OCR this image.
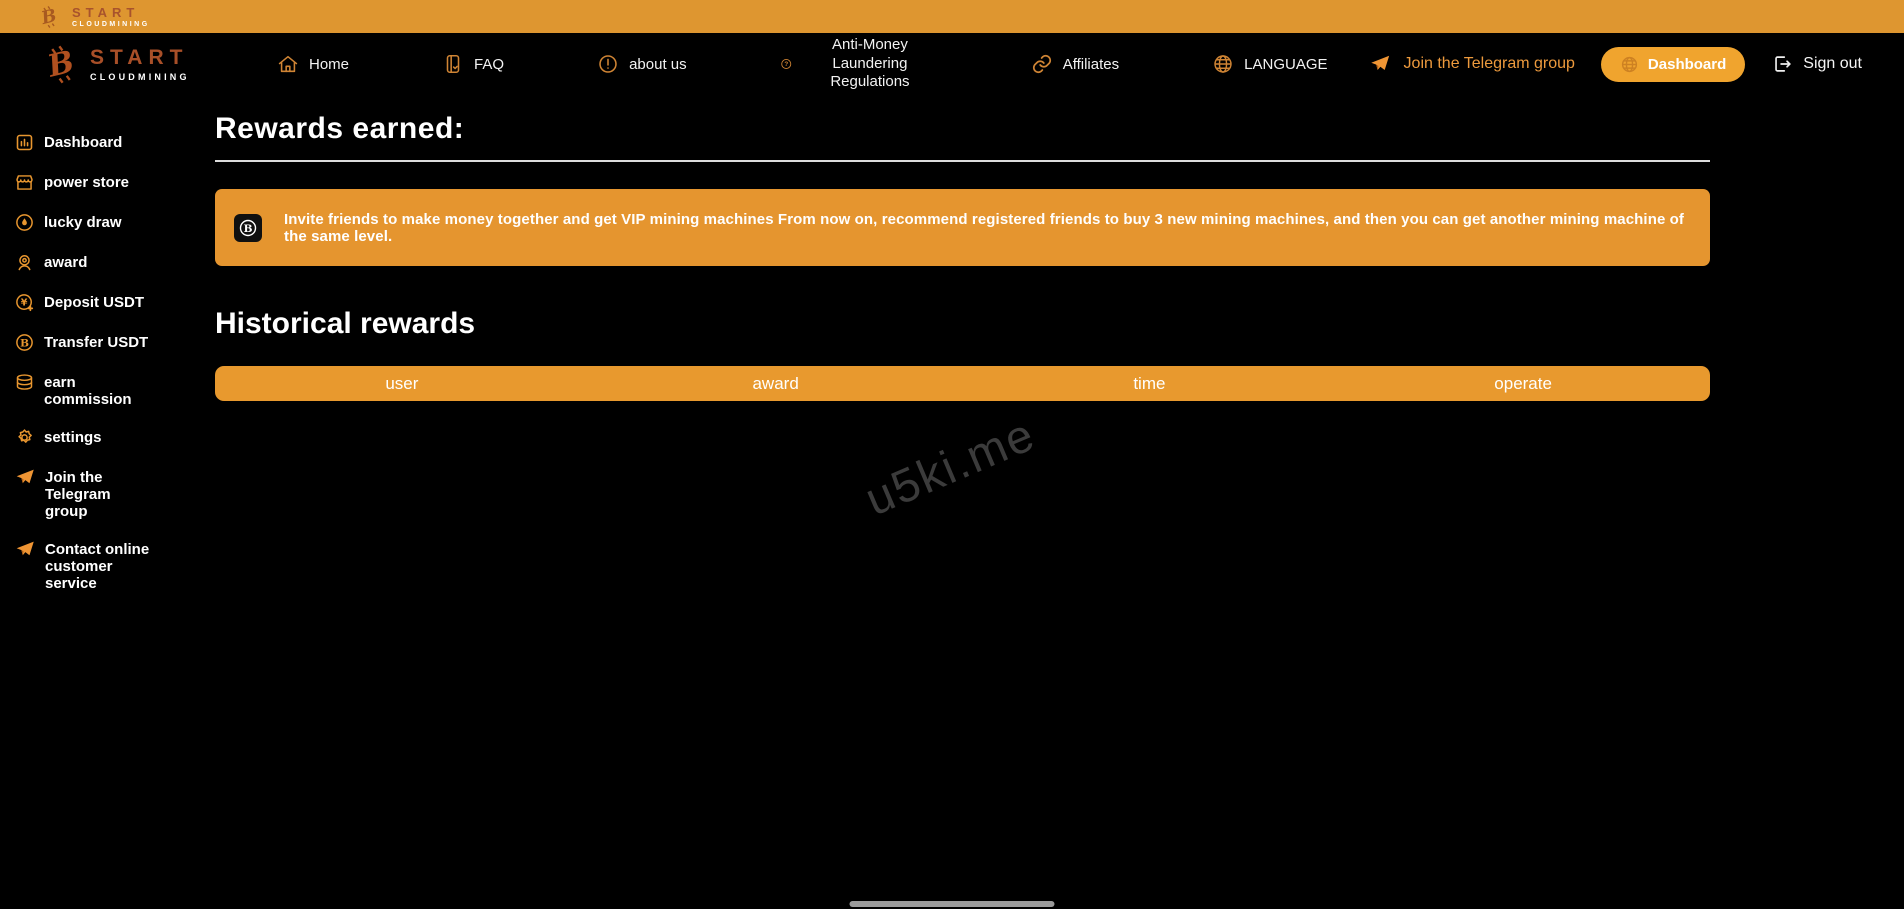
B START
CLOUDMINING
B START
CLOUDMINING
Home	FAQ	about us	?
Anti-Money Laundering Regulations
Affiliates	LANGUAGE	Join the Telegram group	Dashboard	Sign out
Dashboard
power store
lucky draw
award
¥ Deposit USDT
B Transfer USDT
earn commission
settings
Join the Telegram group
Contact online customer service
Rewards earned:
B
Invite friends to make money together and get VIP mining machines From now on, recommend registered friends to buy 3 new mining machines, and then you can get another mining machine of the same level.
Historical rewards
user	award	time	operate
u5ki.me
